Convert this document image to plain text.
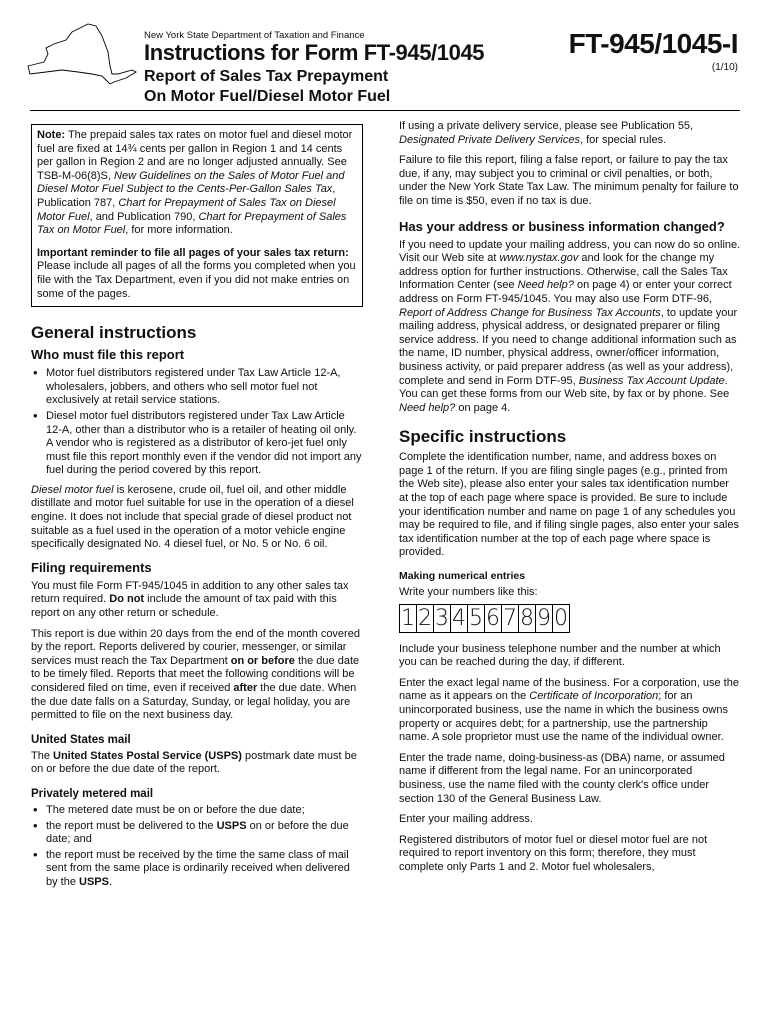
New York State Department of Taxation and Finance
Instructions for Form FT-945/1045
Report of Sales Tax Prepayment
On Motor Fuel/Diesel Motor Fuel
FT-945/1045-I
(1/10)

Note: The prepaid sales tax rates on motor fuel and diesel motor fuel are fixed at 14¾ cents per gallon in Region 1 and 14 cents per gallon in Region 2 and are no longer adjusted annually. See TSB-M-06(8)S, New Guidelines on the Sales of Motor Fuel and Diesel Motor Fuel Subject to the Cents-Per-Gallon Sales Tax, Publication 787, Chart for Prepayment of Sales Tax on Diesel Motor Fuel, and Publication 790, Chart for Prepayment of Sales Tax on Motor Fuel, for more information.

Important reminder to file all pages of your sales tax return: Please include all pages of all the forms you completed when you file with the Tax Department, even if you did not make entries on some of the pages.

General instructions
Who must file this report
• Motor fuel distributors registered under Tax Law Article 12-A, wholesalers, jobbers, and others who sell motor fuel not exclusively at retail service stations.
• Diesel motor fuel distributors registered under Tax Law Article 12-A, other than a distributor who is a retailer of heating oil only. A vendor who is registered as a distributor of kero-jet fuel only must file this report monthly even if the vendor did not import any fuel during the period covered by this report.

Diesel motor fuel is kerosene, crude oil, fuel oil, and other middle distillate and motor fuel suitable for use in the operation of a diesel engine. It does not include that special grade of diesel product not suitable as a fuel used in the operation of a motor vehicle engine specifically designated No. 4 diesel fuel, or No. 5 or No. 6 oil.

Filing requirements

You must file Form FT-945/1045 in addition to any other sales tax return required. Do not include the amount of tax paid with this report on any other return or schedule.

This report is due within 20 days from the end of the month covered by the report. Reports delivered by courier, messenger, or similar services must reach the Tax Department on or before the due date to be timely filed. Reports that meet the following conditions will be considered filed on time, even if received after the due date. When the due date falls on a Saturday, Sunday, or legal holiday, you are permitted to file on the next business day.

United States mail

The United States Postal Service (USPS) postmark date must be on or before the due date of the report.

Privately metered mail
• The metered date must be on or before the due date;
• the report must be delivered to the USPS on or before the due date; and
• the report must be received by the time the same class of mail sent from the same place is ordinarily received when delivered by the USPS.

If using a private delivery service, please see Publication 55, Designated Private Delivery Services, for special rules.

Failure to file this report, filing a false report, or failure to pay the tax due, if any, may subject you to criminal or civil penalties, or both, under the New York State Tax Law. The minimum penalty for failure to file on time is $50, even if no tax is due.

Has your address or business information changed?

If you need to update your mailing address, you can now do so online. Visit our Web site at www.nystax.gov and look for the change my address option for further instructions. Otherwise, call the Sales Tax Information Center (see Need help? on page 4) or enter your correct address on Form FT-945/1045. You may also use Form DTF-96, Report of Address Change for Business Tax Accounts, to update your mailing address, physical address, or designated preparer or filing service address. If you need to change additional information such as the name, ID number, physical address, owner/officer information, business activity, or paid preparer address (as well as your address), complete and send in Form DTF-95, Business Tax Account Update. You can get these forms from our Web site, by fax or by phone. See Need help? on page 4.

Specific instructions

Complete the identification number, name, and address boxes on page 1 of the return. If you are filing single pages (e.g., printed from the Web site), please also enter your sales tax identification number at the top of each page where space is provided. Be sure to include your identification number and name on page 1 of any schedules you may be required to file, and if filing single pages, also enter your sales tax identification number at the top of each page where space is provided.

Making numerical entries

Write your numbers like this:

1 2 3 4 5 6 7 8 9 0

Include your business telephone number and the number at which you can be reached during the day, if different.

Enter the exact legal name of the business. For a corporation, use the name as it appears on the Certificate of Incorporation; for an unincorporated business, use the name in which the business owns property or acquires debt; for a partnership, use the partnership name. A sole proprietor must use the name of the individual owner.

Enter the trade name, doing-business-as (DBA) name, or assumed name if different from the legal name. For an unincorporated business, use the name filed with the county clerk's office under section 130 of the General Business Law.

Enter your mailing address.

Registered distributors of motor fuel or diesel motor fuel are not required to report inventory on this form; therefore, they must complete only Parts 1 and 2. Motor fuel wholesalers,
